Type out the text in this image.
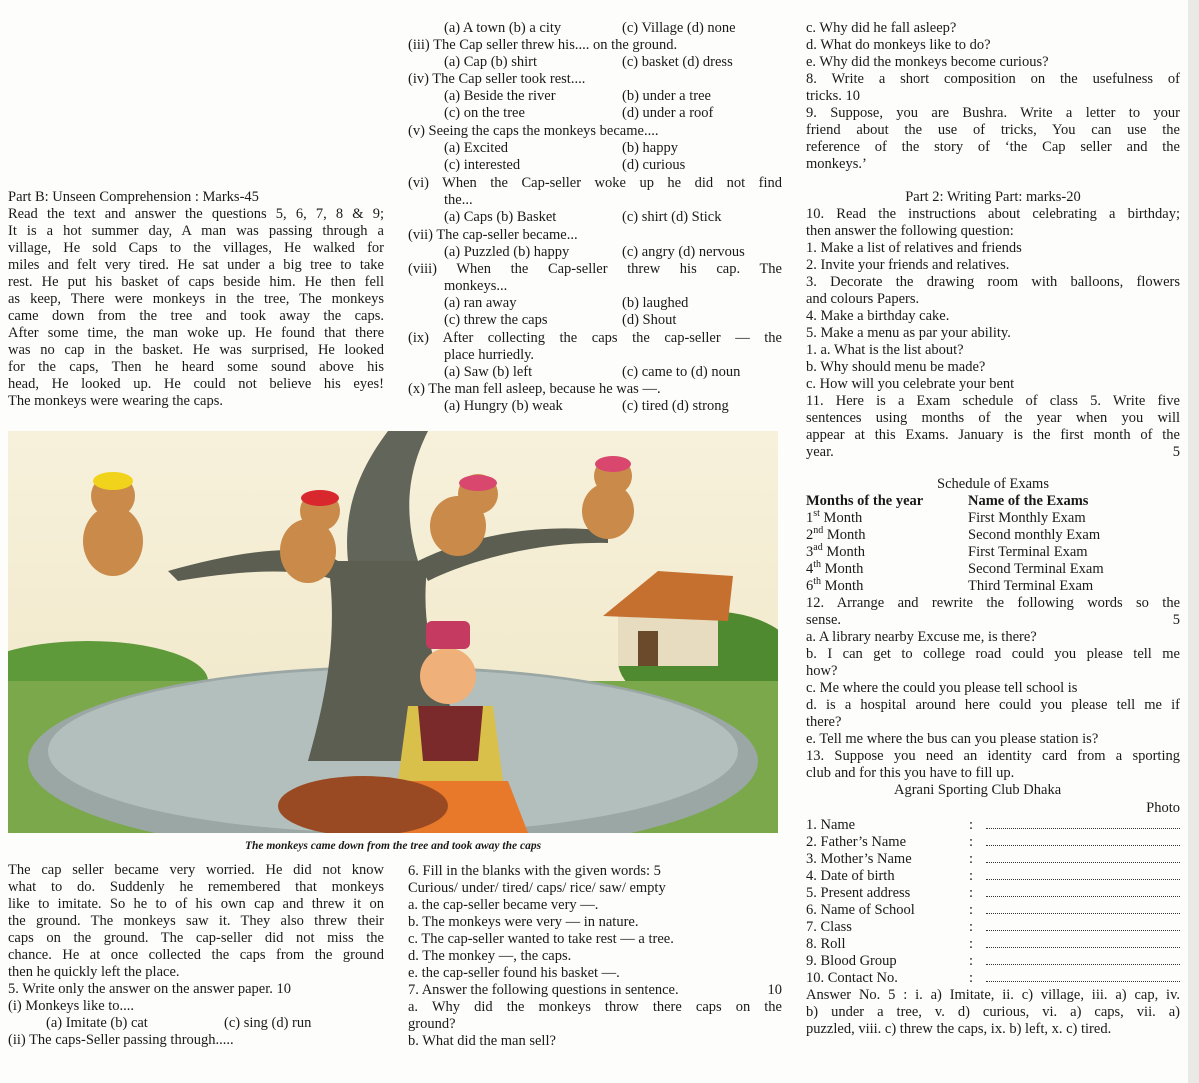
(a) A town (b) a city	(c) Village (d) none
(iii) The Cap seller threw his.... on the ground.
(a) Cap (b) shirt	(c) basket (d) dress
(iv) The Cap seller took rest....
(a) Beside the river	(b) under a tree
(c) on the tree	(d) under a roof
(v) Seeing the caps the monkeys became....
(a) Excited	(b) happy
(c) interested	(d) curious
(vi) When the Cap-seller woke up he did not find
the...
(a) Caps (b) Basket	(c) shirt (d) Stick
(vii) The cap-seller became...
(a) Puzzled (b) happy	(c) angry (d) nervous
(viii) When the Cap-seller threw his cap. The
monkeys...
(a) ran away	(b) laughed
(c) threw the caps	(d) Shout
(ix) After collecting the caps the cap-seller — the
place hurriedly.
(a) Saw (b) left	(c) came to (d) noun
(x) The man fell asleep, because he was —.
(a) Hungry (b) weak	(c) tired (d) strong
Part B: Unseen Comprehension : Marks-45
Read the text and answer the questions 5, 6, 7, 8 & 9;
It is a hot summer day, A man was passing through a
village, He sold Caps to the villages, He walked for
miles and felt very tired. He sat under a big tree to take
rest. He put his basket of caps beside him. He then fell
as keep, There were monkeys in the tree, The monkeys
came down from the tree and took away the caps.
After some time, the man woke up. He found that there
was no cap in the basket. He was surprised, He looked
for the caps, Then he heard some sound above his
head, He looked up. He could not believe his eyes!
The monkeys were wearing the caps.
The monkeys came down from the tree and took away the caps
The cap seller became very worried. He did not know
what to do. Suddenly he remembered that monkeys
like to imitate. So he to of his own cap and threw it on
the ground. The monkeys saw it. They also threw their
caps on the ground. The cap-seller did not miss the
chance. He at once collected the caps from the ground
then he quickly left the place.
5. Write only the answer on the answer paper. 10
(i) Monkeys like to....
(a) Imitate (b) cat	(c) sing (d) run
(ii) The caps-Seller passing through.....
6. Fill in the blanks with the given words: 5
Curious/ under/ tired/ caps/ rice/ saw/ empty
a. the cap-seller became very —.
b. The monkeys were very — in nature.
c. The cap-seller wanted to take rest — a tree.
d. The monkey —, the caps.
e. the cap-seller found his basket —.
7. Answer the following questions in sentence.	10
a. Why did the monkeys throw there caps on the
ground?
b. What did the man sell?
c. Why did he fall asleep?
d. What do monkeys like to do?
e. Why did the monkeys become curious?
8. Write a short composition on the usefulness of
tricks. 10
9. Suppose, you are Bushra. Write a letter to your
friend about the use of tricks, You can use the
reference of the story of ‘the Cap seller and the
monkeys.’
Part 2: Writing Part: marks-20
10. Read the instructions about celebrating a birthday;
then answer the following question:
1. Make a list of relatives and friends
2. Invite your friends and relatives.
3. Decorate the drawing room with balloons, flowers
and colours Papers.
4. Make a birthday cake.
5. Make a menu as par your ability.
1. a. What is the list about?
b. Why should menu be made?
c. How will you celebrate your bent
11. Here is a Exam schedule of class 5. Write five
sentences using months of the year when you will
appear at this Exams. January is the first month of the
year.	5
Schedule of Exams
Months of the year	Name of the Exams
1st Month	First Monthly Exam
2nd Month	Second monthly Exam
$3^{ad}$ Month	First Terminal Exam
4th Month	Second Terminal Exam
6th Month	Third Terminal Exam
12. Arrange and rewrite the following words so the
sense.	5
a. A library nearby Excuse me, is there?
b. I can get to college road could you please tell me
how?
c. Me where the could you please tell school is
d. is a hospital around here could you please tell me if
there?
e. Tell me where the bus can you please station is?
13. Suppose you need an identity card from a sporting
club and for this you have to fill up.
Agrani Sporting Club Dhaka
Photo
1. Name	:
2. Father’s Name	:
3. Mother’s Name	:
4. Date of birth	:
5. Present address	:
6. Name of School	:
7. Class	:
8. Roll	:
9. Blood Group	:
10. Contact No.	:
Answer No. 5 : i. a) Imitate, ii. c) village, iii. a) cap, iv.
b) under a tree, v. d) curious, vi. a) caps, vii. a)
puzzled, viii. c) threw the caps, ix. b) left, x. c) tired.
